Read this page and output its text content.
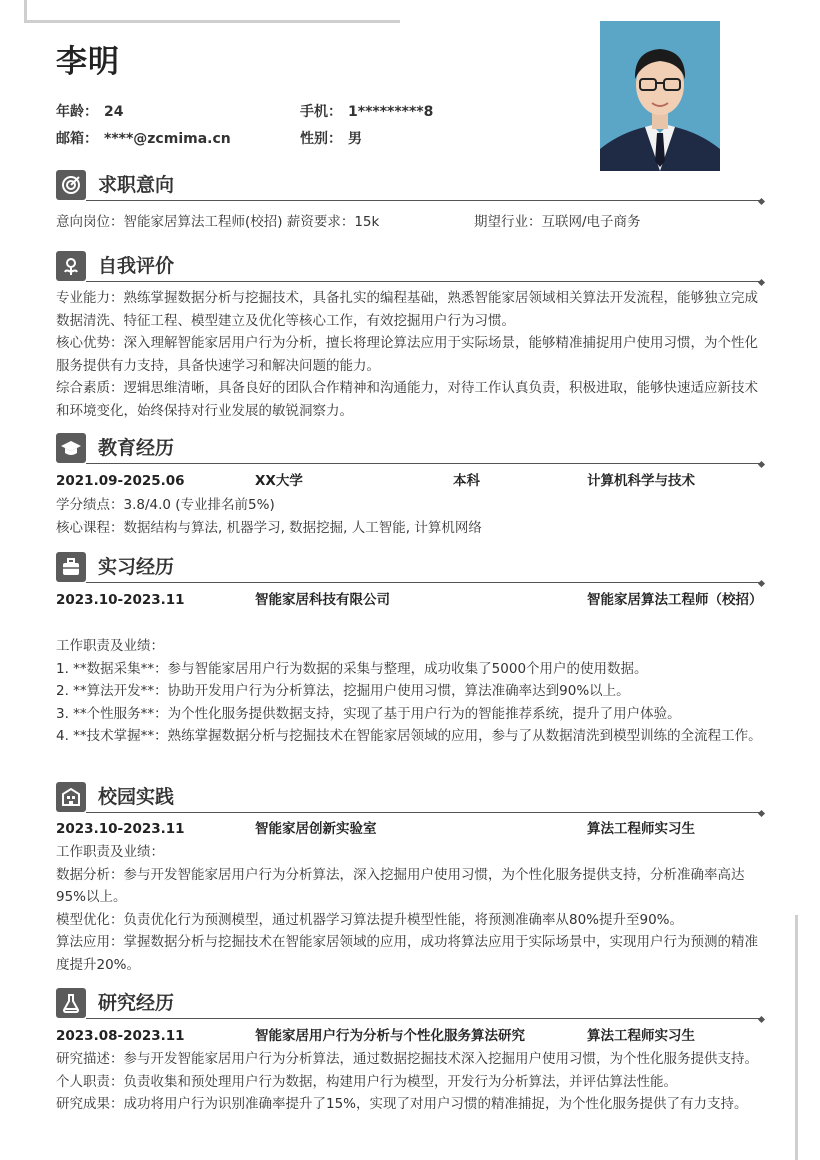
李明
年龄： 24	手机： 1*********8
邮箱： ****@zcmima.cn	性别： 男
求职意向
意向岗位：智能家居算法工程师(校招) 薪资要求：15k	期望行业：互联网/电子商务
自我评价
专业能力：熟练掌握数据分析与挖掘技术，具备扎实的编程基础，熟悉智能家居领域相关算法开发流程，能够独立完成数据清洗、特征工程、模型建立及优化等核心工作，有效挖掘用户行为习惯。
核心优势：深入理解智能家居用户行为分析，擅长将理论算法应用于实际场景，能够精准捕捉用户使用习惯，为个性化服务提供有力支持，具备快速学习和解决问题的能力。
综合素质：逻辑思维清晰，具备良好的团队合作精神和沟通能力，对待工作认真负责，积极进取，能够快速适应新技术和环境变化，始终保持对行业发展的敏锐洞察力。
教育经历
2021.09-2025.06	XX大学	本科	计算机科学与技术
学分绩点：3.8/4.0 (专业排名前5%)
核心课程：数据结构与算法, 机器学习, 数据挖掘, 人工智能, 计算机网络
实习经历
2023.10-2023.11	智能家居科技有限公司	智能家居算法工程师（校招）
工作职责及业绩：
1. **数据采集**：参与智能家居用户行为数据的采集与整理，成功收集了5000个用户的使用数据。
2. **算法开发**：协助开发用户行为分析算法，挖掘用户使用习惯，算法准确率达到90%以上。
3. **个性服务**：为个性化服务提供数据支持，实现了基于用户行为的智能推荐系统，提升了用户体验。
4. **技术掌握**：熟练掌握数据分析与挖掘技术在智能家居领域的应用，参与了从数据清洗到模型训练的全流程工作。
校园实践
2023.10-2023.11	智能家居创新实验室	算法工程师实习生
工作职责及业绩：
数据分析：参与开发智能家居用户行为分析算法，深入挖掘用户使用习惯，为个性化服务提供支持，分析准确率高达95%以上。
模型优化：负责优化行为预测模型，通过机器学习算法提升模型性能，将预测准确率从80%提升至90%。
算法应用：掌握数据分析与挖掘技术在智能家居领域的应用，成功将算法应用于实际场景中，实现用户行为预测的精准度提升20%。
研究经历
2023.08-2023.11	智能家居用户行为分析与个性化服务算法研究	算法工程师实习生
研究描述：参与开发智能家居用户行为分析算法，通过数据挖掘技术深入挖掘用户使用习惯，为个性化服务提供支持。
个人职责：负责收集和预处理用户行为数据，构建用户行为模型，开发行为分析算法，并评估算法性能。
研究成果：成功将用户行为识别准确率提升了15%，实现了对用户习惯的精准捕捉，为个性化服务提供了有力支持。
